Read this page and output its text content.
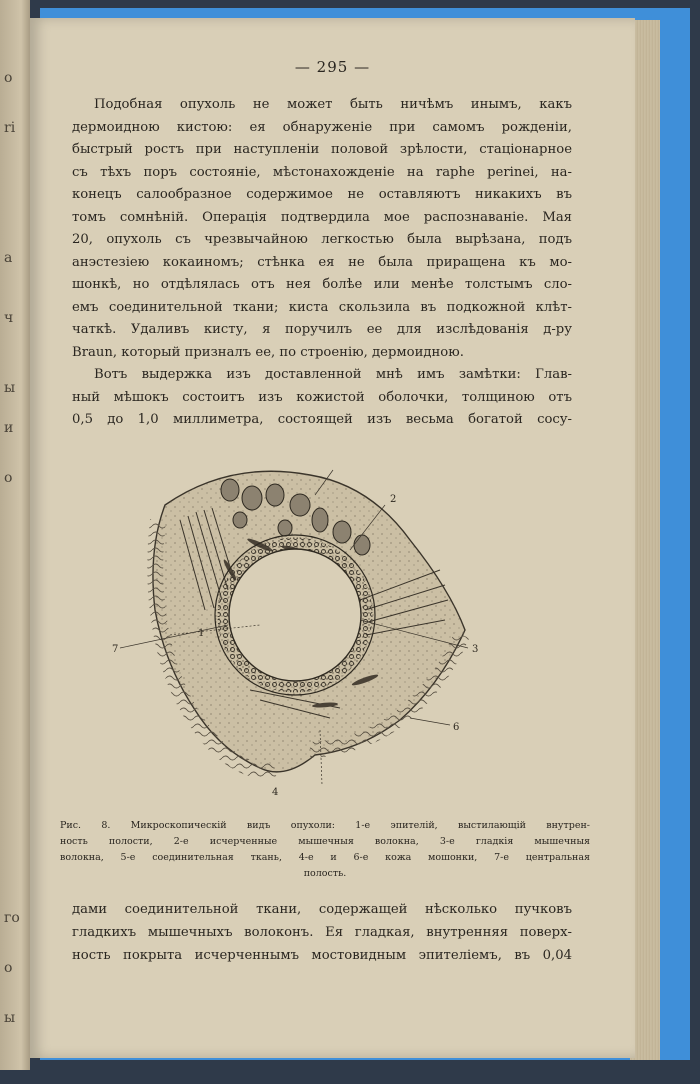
о
ri
а
ч
ы
и
о
го
о
ы
— 295 —

Подобная опухоль не может быть ничѣмъ инымъ, какъ
дермоидною кистою: ея обнаруженіе при самомъ рожденіи,
быстрый ростъ при наступленіи половой зрѣлости, стаціонарное
съ тѣхъ поръ состояніе, мѣстонахожденіе на raphe perinei, на-
конецъ салообразное содержимое не оставляютъ никакихъ въ
томъ сомнѣній. Операція подтвердила мое распознаваніе. Мая
20, опухоль съ чрезвычайною легкостью была вырѣзана, подъ
анэстезіею кокаиномъ; стѣнка ея не была приращена къ мо-
шонкѣ, но отдѣлялась отъ нея болѣе или менѣе толстымъ сло-
емъ соединительной ткани; киста скользила въ подкожной клѣт-
чаткѣ. Удаливъ кисту, я поручилъ ее для изслѣдованія д-ру
Braun, который призналъ ее, по строенію, дермоидною.

Вотъ выдержка изъ доставленной мнѣ имъ замѣтки: Глав-
ный мѣшокъ состоитъ изъ кожистой оболочки, толщиною отъ
0,5 до 1,0 миллиметра, состоящей изъ весьма богатой сосу-

7
1
3
2
6
4
Рис. 8. Микроскопическій видъ опухоли: 1-е эпителій, выстилающій внутрен-
ность полости, 2-е исчерченные мышечныя волокна, 3-е гладкія мышечныя
волокна, 5-е соединительная ткань, 4-е и 6-е кожа мошонки, 7-е центральная
полость.
дами соединительной ткани, содержащей нѣсколько пучковъ
гладкихъ мышечныхъ волоконъ. Ея гладкая, внутренняя поверх-
ность покрыта исчерченнымъ мостовидным эпителіемъ, въ 0,04
